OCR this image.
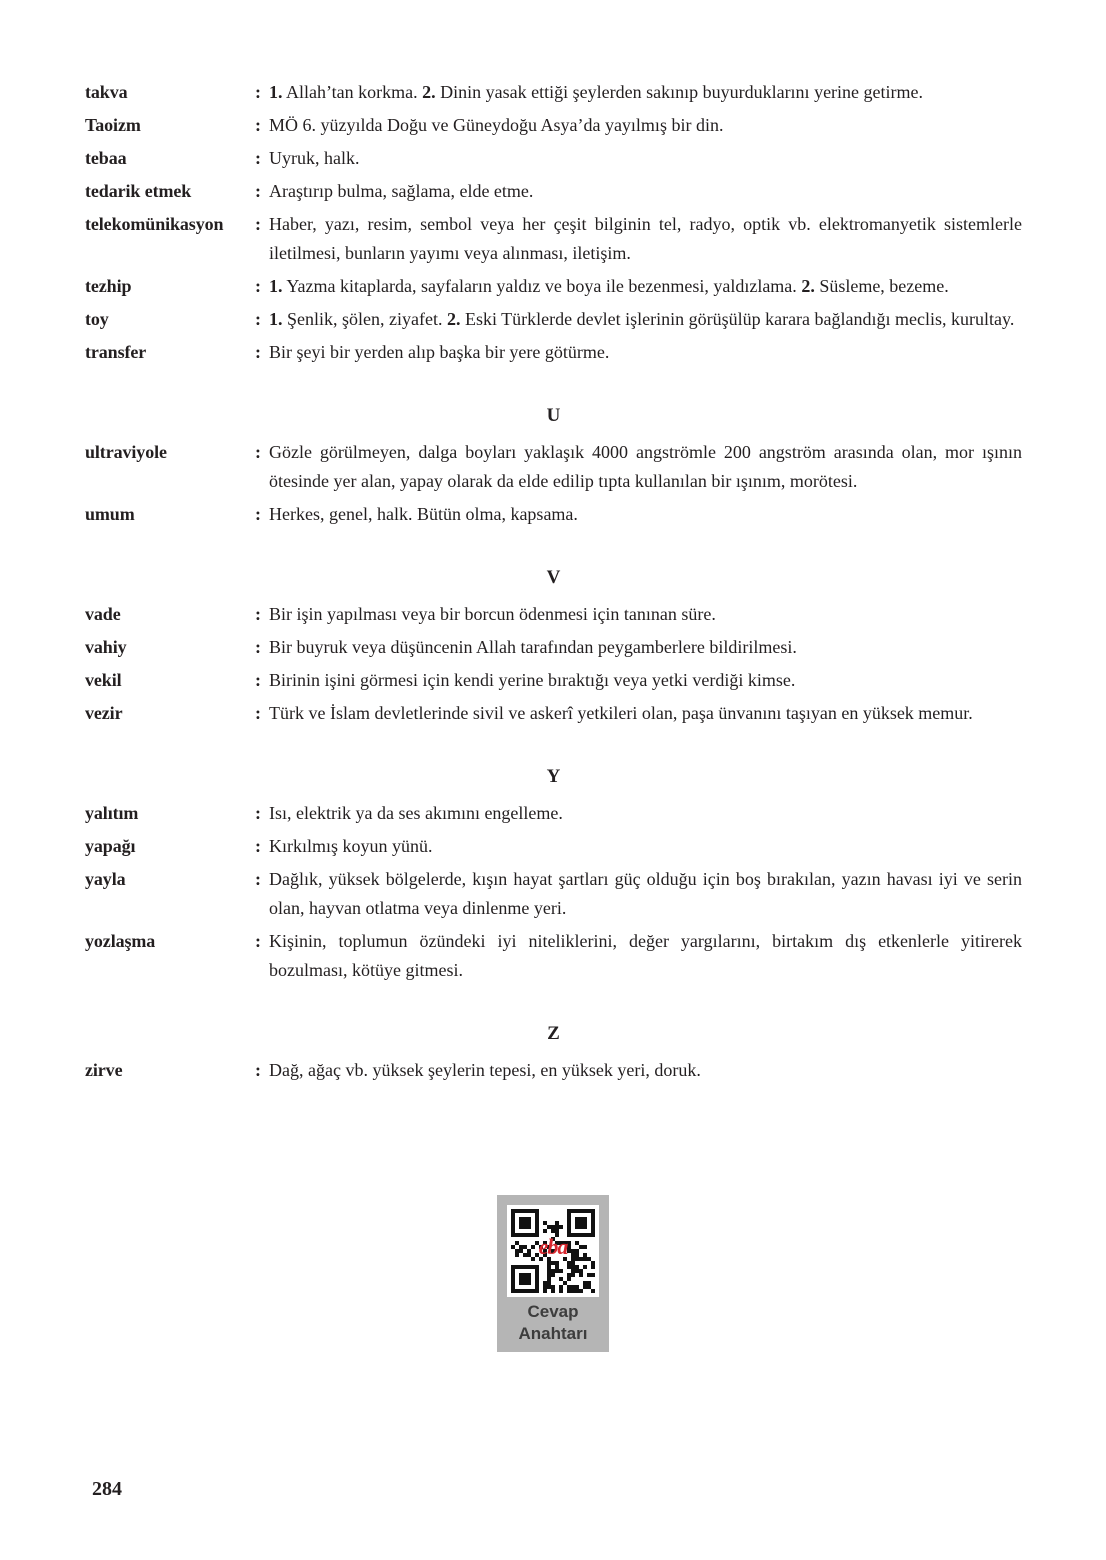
takva	: 1. Allah’tan korkma. 2. Dinin yasak ettiği şeylerden sakınıp buyurduklarını yerine getirme.
Taoizm	: MÖ 6. yüzyılda Doğu ve Güneydoğu Asya’da yayılmış bir din.
tebaa	: Uyruk, halk.
tedarik etmek	: Araştırıp bulma, sağlama, elde etme.
telekomünikasyon	: Haber, yazı, resim, sembol veya her çeşit bilginin tel, radyo, optik vb. elektromanyetik sistemlerle iletilmesi, bunların yayımı veya alınması, iletişim.
tezhip	: 1. Yazma kitaplarda, sayfaların yaldız ve boya ile bezenmesi, yaldızlama. 2. Süsleme, bezeme.
toy	: 1. Şenlik, şölen, ziyafet. 2. Eski Türklerde devlet işlerinin görüşülüp karara bağlandığı meclis, kurultay.
transfer	: Bir şeyi bir yerden alıp başka bir yere götürme.
U
ultraviyole	: Gözle görülmeyen, dalga boyları yaklaşık 4000 angströmle 200 angström arasında olan, mor ışının ötesinde yer alan, yapay olarak da elde edilip tıpta kullanılan bir ışınım, morötesi.
umum	: Herkes, genel, halk. Bütün olma, kapsama.
V
vade	: Bir işin yapılması veya bir borcun ödenmesi için tanınan süre.
vahiy	: Bir buyruk veya düşüncenin Allah tarafından peygamberlere bildirilmesi.
vekil	: Birinin işini görmesi için kendi yerine bıraktığı veya yetki verdiği kimse.
vezir	: Türk ve İslam devletlerinde sivil ve askerî yetkileri olan, paşa ünvanını taşıyan en yüksek memur.
Y
yalıtım	: Isı, elektrik ya da ses akımını engelleme.
yapağı	: Kırkılmış koyun yünü.
yayla	: Dağlık, yüksek bölgelerde, kışın hayat şartları güç olduğu için boş bırakılan, yazın havası iyi ve serin olan, hayvan otlatma veya dinlenme yeri.
yozlaşma	: Kişinin, toplumun özündeki iyi niteliklerini, değer yargılarını, birtakım dış etkenlerle yitirerek bozulması, kötüye gitmesi.
Z
zirve	: Dağ, ağaç vb. yüksek şeylerin tepesi, en yüksek yeri, doruk.
eba
Cevap
Anahtarı
284
